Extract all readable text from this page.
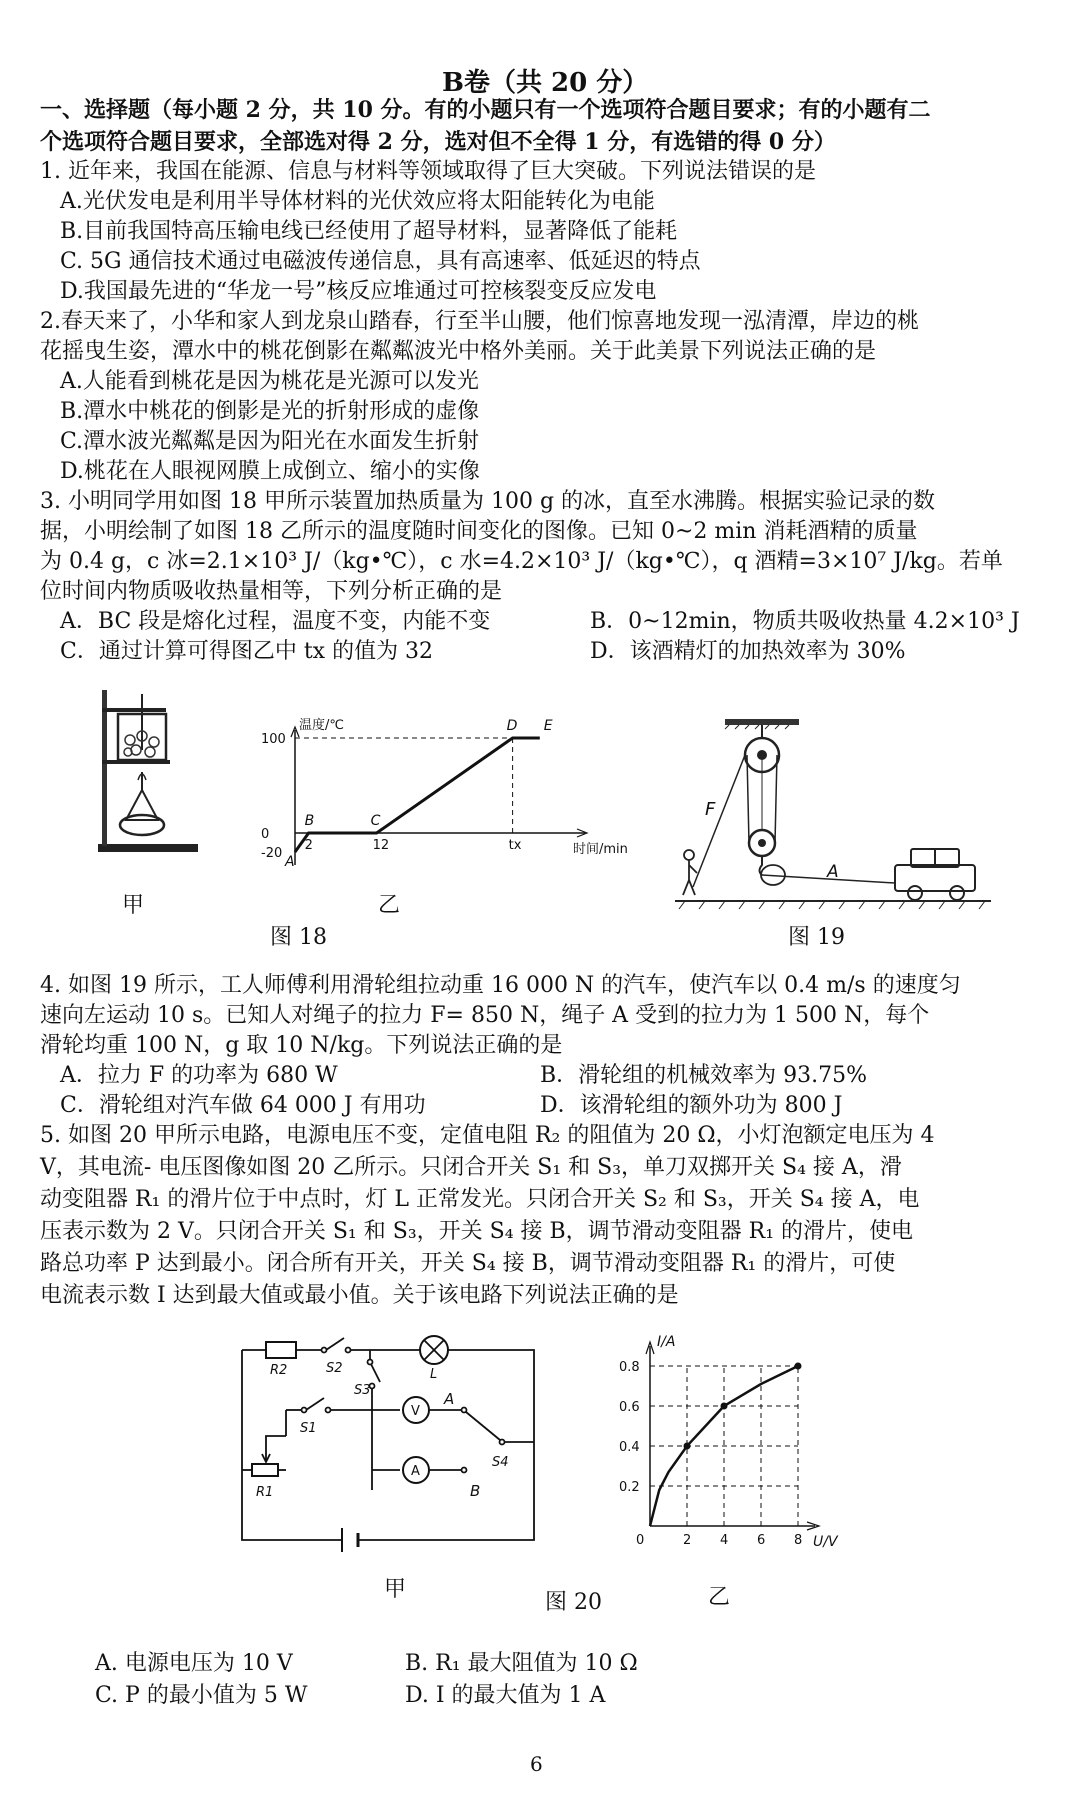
B卷（共 20 分）
一、选择题（每小题 2 分，共 10 分。有的小题只有一个选项符合题目要求；有的小题有二
个选项符合题目要求，全部选对得 2 分，选对但不全得 1 分，有选错的得 0 分）
1. 近年来，我国在能源、信息与材料等领域取得了巨大突破。下列说法错误的是
A.光伏发电是利用半导体材料的光伏效应将太阳能转化为电能
B.目前我国特高压输电线已经使用了超导材料，显著降低了能耗
C. 5G 通信技术通过电磁波传递信息，具有高速率、低延迟的特点
D.我国最先进的“华龙一号”核反应堆通过可控核裂变反应发电
2.春天来了，小华和家人到龙泉山踏春，行至半山腰，他们惊喜地发现一泓清潭，岸边的桃
花摇曳生姿，潭水中的桃花倒影在粼粼波光中格外美丽。关于此美景下列说法正确的是
A.人能看到桃花是因为桃花是光源可以发光
B.潭水中桃花的倒影是光的折射形成的虚像
C.潭水波光粼粼是因为阳光在水面发生折射
D.桃花在人眼视网膜上成倒立、缩小的实像
3. 小明同学用如图 18 甲所示装置加热质量为 100 g 的冰，直至水沸腾。根据实验记录的数
据，小明绘制了如图 18 乙所示的温度随时间变化的图像。已知 0~2 min 消耗酒精的质量
为 0.4 g，c 冰=2.1×10³ J/（kg•℃），c 水=4.2×10³ J/（kg•℃），q 酒精=3×10⁷ J/kg。若单
位时间内物质吸收热量相等，下列分析正确的是
A．BC 段是熔化过程，温度不变，内能不变	B．0~12min，物质共吸收热量 4.2×10³ J
C．通过计算可得图乙中 tx 的值为 32	D．该酒精灯的加热效率为 30%
甲
温度/℃
时间/min
100
0
-20
2	12	tx
A
B	C
D E
乙
图 18
F
A
图 19
4. 如图 19 所示，工人师傅利用滑轮组拉动重 16 000 N 的汽车，使汽车以 0.4 m/s 的速度匀
速向左运动 10 s。已知人对绳子的拉力 F= 850 N，绳子 A 受到的拉力为 1 500 N，每个
滑轮均重 100 N，g 取 10 N/kg。下列说法正确的是
A．拉力 F 的功率为 680 W	B．滑轮组的机械效率为 93.75%
C．滑轮组对汽车做 64 000 J 有用功	D．该滑轮组的额外功为 800 J
5. 如图 20 甲所示电路，电源电压不变，定值电阻 R₂ 的阻值为 20 Ω，小灯泡额定电压为 4
V，其电流- 电压图像如图 20 乙所示。只闭合开关 S₁ 和 S₃，单刀双掷开关 S₄ 接 A，滑
动变阻器 R₁ 的滑片位于中点时，灯 L 正常发光。只闭合开关 S₂ 和 S₃，开关 S₄ 接 A，电
压表示数为 2 V。只闭合开关 S₁ 和 S₃，开关 S₄ 接 B，调节滑动变阻器 R₁ 的滑片，使电
路总功率 P 达到最小。闭合所有开关，开关 S₄ 接 B，调节滑动变阻器 R₁ 的滑片，可使
电流表示数 I 达到最大值或最小值。关于该电路下列说法正确的是
R2	S2	L
S3
V
A
S1
S4
A
R1	B
甲
I/A
U/V
0.8
0.6
0.4
0.2
0	2 4 6 8
乙
图 20
A. 电源电压为 10 V	B. R₁ 最大阻值为 10 Ω
C. P 的最小值为 5 W	D. I 的最大值为 1 A
6
